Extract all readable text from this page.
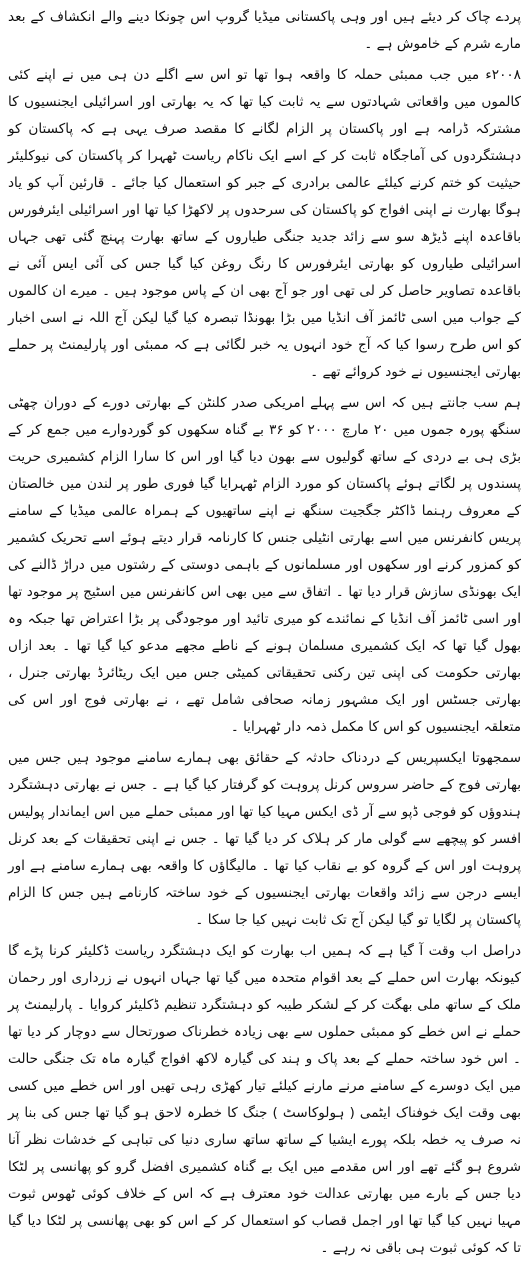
پردے چاک کر دیئے ہیں اور وہی پاکستانی میڈیا گروپ اس چونکا دینے والے انکشاف کے بعد مارے شرم کے خاموش ہے ۔

۲۰۰۸ء میں جب ممبئی حملہ کا واقعہ ہوا تھا تو اس سے اگلے دن ہی میں نے اپنے کئی کالموں میں واقعاتی شہادتوں سے یہ ثابت کیا تھا کہ یہ بھارتی اور اسرائیلی ایجنسیوں کا مشترکہ ڈرامہ ہے اور پاکستان پر الزام لگانے کا مقصد صرف یہی ہے کہ پاکستان کو دہشتگردوں کی آماجگاہ ثابت کر کے اسے ایک ناکام ریاست ٹھہرا کر پاکستان کی نیوکلیئر حیثیت کو ختم کرنے کیلئے عالمی برادری کے جبر کو استعمال کیا جائے ۔ قارئین آپ کو یاد ہوگا بھارت نے اپنی افواج کو پاکستان کی سرحدوں پر لاکھڑا کیا تھا اور اسرائیلی ایئرفورس باقاعدہ اپنے ڈیڑھ سو سے زائد جدید جنگی طیاروں کے ساتھ بھارت پہنچ گئی تھی جہاں اسرائیلی طیاروں کو بھارتی ایئرفورس کا رنگ روغن کیا گیا جس کی آئی ایس آئی نے باقاعدہ تصاویر حاصل کر لی تھی اور جو آج بھی ان کے پاس موجود ہیں ۔ میرے ان کالموں کے جواب میں اسی ٹائمز آف انڈیا میں بڑا بھونڈا تبصرہ کیا گیا لیکن آج اللہ نے اسی اخبار کو اس طرح رسوا کیا کہ آج خود انہوں یہ خبر لگائی ہے کہ ممبئی اور پارلیمنٹ پر حملے بھارتی ایجنسیوں نے خود کروائے تھے ۔

ہم سب جانتے ہیں کہ اس سے پہلے امریکی صدر کلنٹن کے بھارتی دورے کے دوران چھٹی سنگھ پورہ جموں میں ۲۰ مارچ ۲۰۰۰ کو ۳۶ بے گناہ سکھوں کو گوردوارے میں جمع کر کے بڑی ہی بے دردی کے ساتھ گولیوں سے بھون دیا گیا اور اس کا سارا الزام کشمیری حریت پسندوں پر لگاتے ہوئے پاکستان کو مورد الزام ٹھہرایا گیا فوری طور پر لندن میں خالصتان کے معروف رہنما ڈاکٹر جگجیت سنگھ نے اپنے ساتھیوں کے ہمراہ عالمی میڈیا کے سامنے پریس کانفرنس میں اسے بھارتی انٹیلی جنس کا کارنامہ قرار دیتے ہوئے اسے تحریک کشمیر کو کمزور کرنے اور سکھوں اور مسلمانوں کے باہمی دوستی کے رشتوں میں دراڑ ڈالنے کی ایک بھونڈی سازش قرار دیا تھا ۔ اتفاق سے میں بھی اس کانفرنس میں اسٹیج پر موجود تھا اور اسی ٹائمز آف انڈیا کے نمائندے کو میری تائید اور موجودگی پر بڑا اعتراض تھا جبکہ وہ بھول گیا تھا کہ ایک کشمیری مسلمان ہونے کے ناطے مجھے مدعو کیا گیا تھا ۔ بعد ازاں بھارتی حکومت کی اپنی تین رکنی تحقیقاتی کمیٹی جس میں ایک ریٹائرڈ بھارتی جنرل ، بھارتی جسٹس اور ایک مشہور زمانہ صحافی شامل تھے ، نے بھارتی فوج اور اس کی متعلقہ ایجنسیوں کو اس کا مکمل ذمہ دار ٹھہرایا ۔

سمجھوتا ایکسپریس کے دردناک حادثہ کے حقائق بھی ہمارے سامنے موجود ہیں جس میں بھارتی فوج کے حاضر سروس کرنل پروہت کو گرفتار کیا گیا ہے ۔ جس نے بھارتی دہشتگرد ہندوؤں کو فوجی ڈپو سے آر ڈی ایکس مہیا کیا تھا اور ممبئی حملے میں اس ایماندار پولیس افسر کو پیچھے سے گولی مار کر ہلاک کر دیا گیا تھا ۔ جس نے اپنی تحقیقات کے بعد کرنل پروہت اور اس کے گروہ کو بے نقاب کیا تھا ۔ مالیگاؤں کا واقعہ بھی ہمارے سامنے ہے اور ایسے درجن سے زائد واقعات بھارتی ایجنسیوں کے خود ساختہ کارنامے ہیں جس کا الزام پاکستان پر لگایا تو گیا لیکن آج تک ثابت نہیں کیا جا سکا ۔

دراصل اب وقت آ گیا ہے کہ ہمیں اب بھارت کو ایک دہشتگرد ریاست ڈکلیئر کرنا پڑے گا کیونکہ بھارت اس حملے کے بعد اقوام متحدہ میں گیا تھا جہاں انہوں نے زرداری اور رحمان ملک کے ساتھ ملی بھگت کر کے لشکر طیبہ کو دہشتگرد تنظیم ڈکلیئر کروایا ۔ پارلیمنٹ پر حملے نے اس خطے کو ممبئی حملوں سے بھی زیادہ خطرناک صورتحال سے دوچار کر دیا تھا ۔ اس خود ساختہ حملے کے بعد پاک و ہند کی گیارہ لاکھ افواج گیارہ ماہ تک جنگی حالت میں ایک دوسرے کے سامنے مرنے مارنے کیلئے تیار کھڑی رہی تھیں اور اس خطے میں کسی بھی وقت ایک خوفناک ایٹمی ( ہولوکاسٹ ) جنگ کا خطرہ لاحق ہو گیا تھا جس کی بنا پر نہ صرف یہ خطہ بلکہ پورے ایشیا کے ساتھ ساتھ ساری دنیا کی تباہی کے خدشات نظر آنا شروع ہو گئے تھے اور اس مقدمے میں ایک بے گناہ کشمیری افضل گرو کو پھانسی پر لٹکا دیا جس کے بارے میں بھارتی عدالت خود معترف ہے کہ اس کے خلاف کوئی ٹھوس ثبوت مہیا نہیں کیا گیا تھا اور اجمل قصاب کو استعمال کر کے اس کو بھی پھانسی پر لٹکا دیا گیا تا کہ کوئی ثبوت ہی باقی نہ رہے ۔
